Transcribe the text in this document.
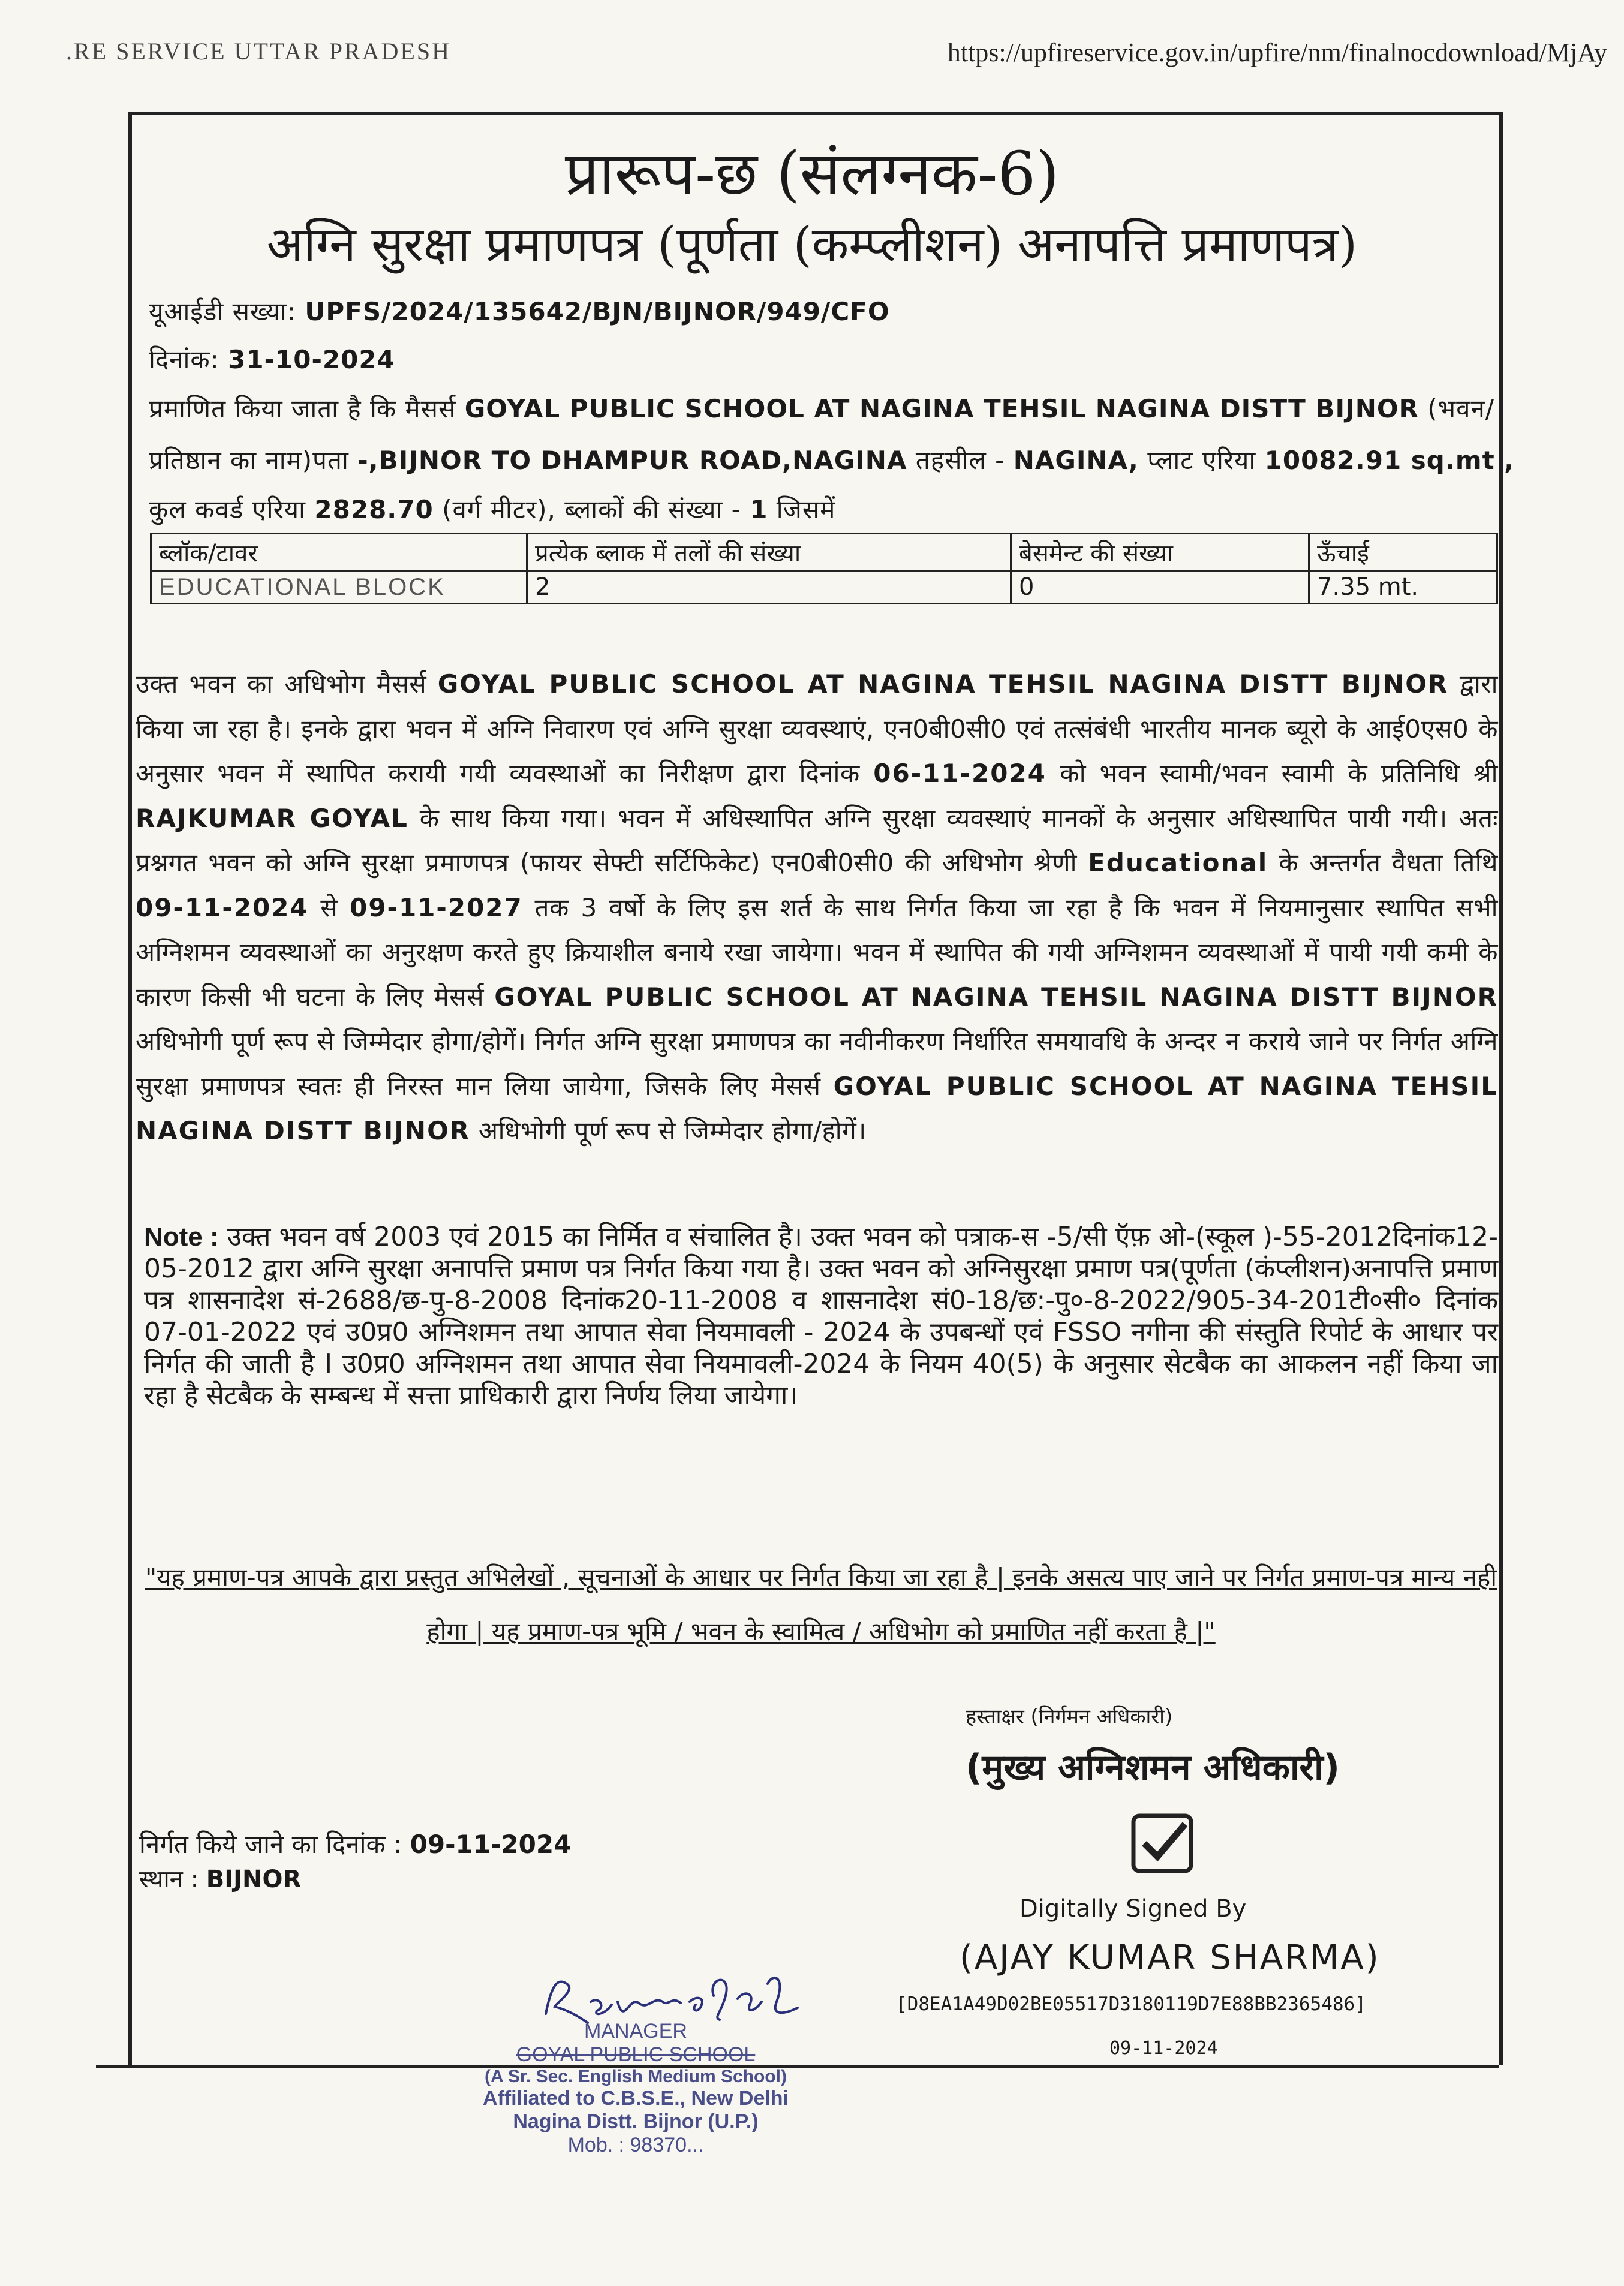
.RE SERVICE UTTAR PRADESH	https://upfireservice.gov.in/upfire/nm/finalnocdownload/MjAy
प्रारूप-छ (संलग्नक-6)
अग्नि सुरक्षा प्रमाणपत्र (पूर्णता (कम्प्लीशन) अनापत्ति प्रमाणपत्र)
यूआईडी सख्या: UPFS/2024/135642/BJN/BIJNOR/949/CFO
दिनांक: 31-10-2024
प्रमाणित किया जाता है कि मैसर्स GOYAL PUBLIC SCHOOL AT NAGINA TEHSIL NAGINA DISTT BIJNOR (भवन/
प्रतिष्ठान का नाम)पता -,BIJNOR TO DHAMPUR ROAD,NAGINA तहसील - NAGINA, प्लाट एरिया 10082.91 sq.mt ,
कुल कवर्ड एरिया 2828.70 (वर्ग मीटर), ब्लाकों की संख्या - 1 जिसमें
ब्लॉक/टावर	प्रत्येक ब्लाक में तलों की संख्या	बेसमेन्ट की संख्या	ऊँचाई
EDUCATIONAL BLOCK	2	0	7.35 mt.
उक्त भवन का अधिभोग मैसर्स GOYAL PUBLIC SCHOOL AT NAGINA TEHSIL NAGINA DISTT BIJNOR द्वारा किया जा रहा है। इनके द्वारा भवन में अग्नि निवारण एवं अग्नि सुरक्षा व्यवस्थाएं, एन0बी0सी0 एवं तत्संबंधी भारतीय मानक ब्यूरो के आई0एस0 के अनुसार भवन में स्थापित करायी गयी व्यवस्थाओं का निरीक्षण द्वारा दिनांक 06-11-2024 को भवन स्वामी/भवन स्वामी के प्रतिनिधि श्री RAJKUMAR GOYAL के साथ किया गया। भवन में अधिस्थापित अग्नि सुरक्षा व्यवस्थाएं मानकों के अनुसार अधिस्थापित पायी गयी। अतः प्रश्नगत भवन को अग्नि सुरक्षा प्रमाणपत्र (फायर सेफ्टी सर्टिफिकेट) एन0बी0सी0 की अधिभोग श्रेणी Educational के अन्तर्गत वैधता तिथि 09-11-2024 से 09-11-2027 तक 3 वर्षो के लिए इस शर्त के साथ निर्गत किया जा रहा है कि भवन में नियमानुसार स्थापित सभी अग्निशमन व्यवस्थाओं का अनुरक्षण करते हुए क्रियाशील बनाये रखा जायेगा। भवन में स्थापित की गयी अग्निशमन व्यवस्थाओं में पायी गयी कमी के कारण किसी भी घटना के लिए मेसर्स GOYAL PUBLIC SCHOOL AT NAGINA TEHSIL NAGINA DISTT BIJNOR अधिभोगी पूर्ण रूप से जिम्मेदार होगा/होगें। निर्गत अग्नि सुरक्षा प्रमाणपत्र का नवीनीकरण निर्धारित समयावधि के अन्दर न कराये जाने पर निर्गत अग्नि सुरक्षा प्रमाणपत्र स्वतः ही निरस्त मान लिया जायेगा, जिसके लिए मेसर्स GOYAL PUBLIC SCHOOL AT NAGINA TEHSIL NAGINA DISTT BIJNOR अधिभोगी पूर्ण रूप से जिम्मेदार होगा/होगें।
Note : उक्त भवन वर्ष 2003 एवं 2015 का निर्मित व संचालित है। उक्त भवन को पत्राक-स -5/सी ऍफ़ ओ-(स्कूल )-55-2012दिनांक12-05-2012 द्वारा अग्नि सुरक्षा अनापत्ति प्रमाण पत्र निर्गत किया गया है। उक्त भवन को अग्निसुरक्षा प्रमाण पत्र(पूर्णता (कंप्लीशन)अनापत्ति प्रमाण पत्र शासनादेश सं-2688/छ-पु-8-2008 दिनांक20-11-2008 व शासनादेश सं0-18/छ:-पु०-8-2022/905-34-201टी०सी० दिनांक 07-01-2022 एवं उ0प्र0 अग्निशमन तथा आपात सेवा नियमावली - 2024 के उपबन्धों एवं FSSO नगीना की संस्तुति रिपोर्ट के आधार पर निर्गत की जाती है I उ0प्र0 अग्निशमन तथा आपात सेवा नियमावली-2024 के नियम 40(5) के अनुसार सेटबैक का आकलन नहीं किया जा रहा है सेटबैक के सम्बन्ध में सत्ता प्राधिकारी द्वारा निर्णय लिया जायेगा।
"यह प्रमाण-पत्र आपके द्वारा प्रस्तुत अभिलेखों , सूचनाओं के आधार पर निर्गत किया जा रहा है | इनके असत्य पाए जाने पर निर्गत प्रमाण-पत्र मान्य नही होगा | यह प्रमाण-पत्र भूमि / भवन के स्वामित्व / अधिभोग को प्रमाणित नहीं करता है |"
हस्ताक्षर (निर्गमन अधिकारी)
(मुख्य अग्निशमन अधिकारी)
Digitally Signed By
(AJAY KUMAR SHARMA)
[D8EA1A49D02BE05517D3180119D7E88BB2365486]
09-11-2024
निर्गत किये जाने का दिनांक : 09-11-2024
स्थान : BIJNOR
MANAGER
GOYAL PUBLIC SCHOOL
(A Sr. Sec. English Medium School)
Affiliated to C.B.S.E., New Delhi
Nagina Distt. Bijnor (U.P.)
Mob. : 98370...
